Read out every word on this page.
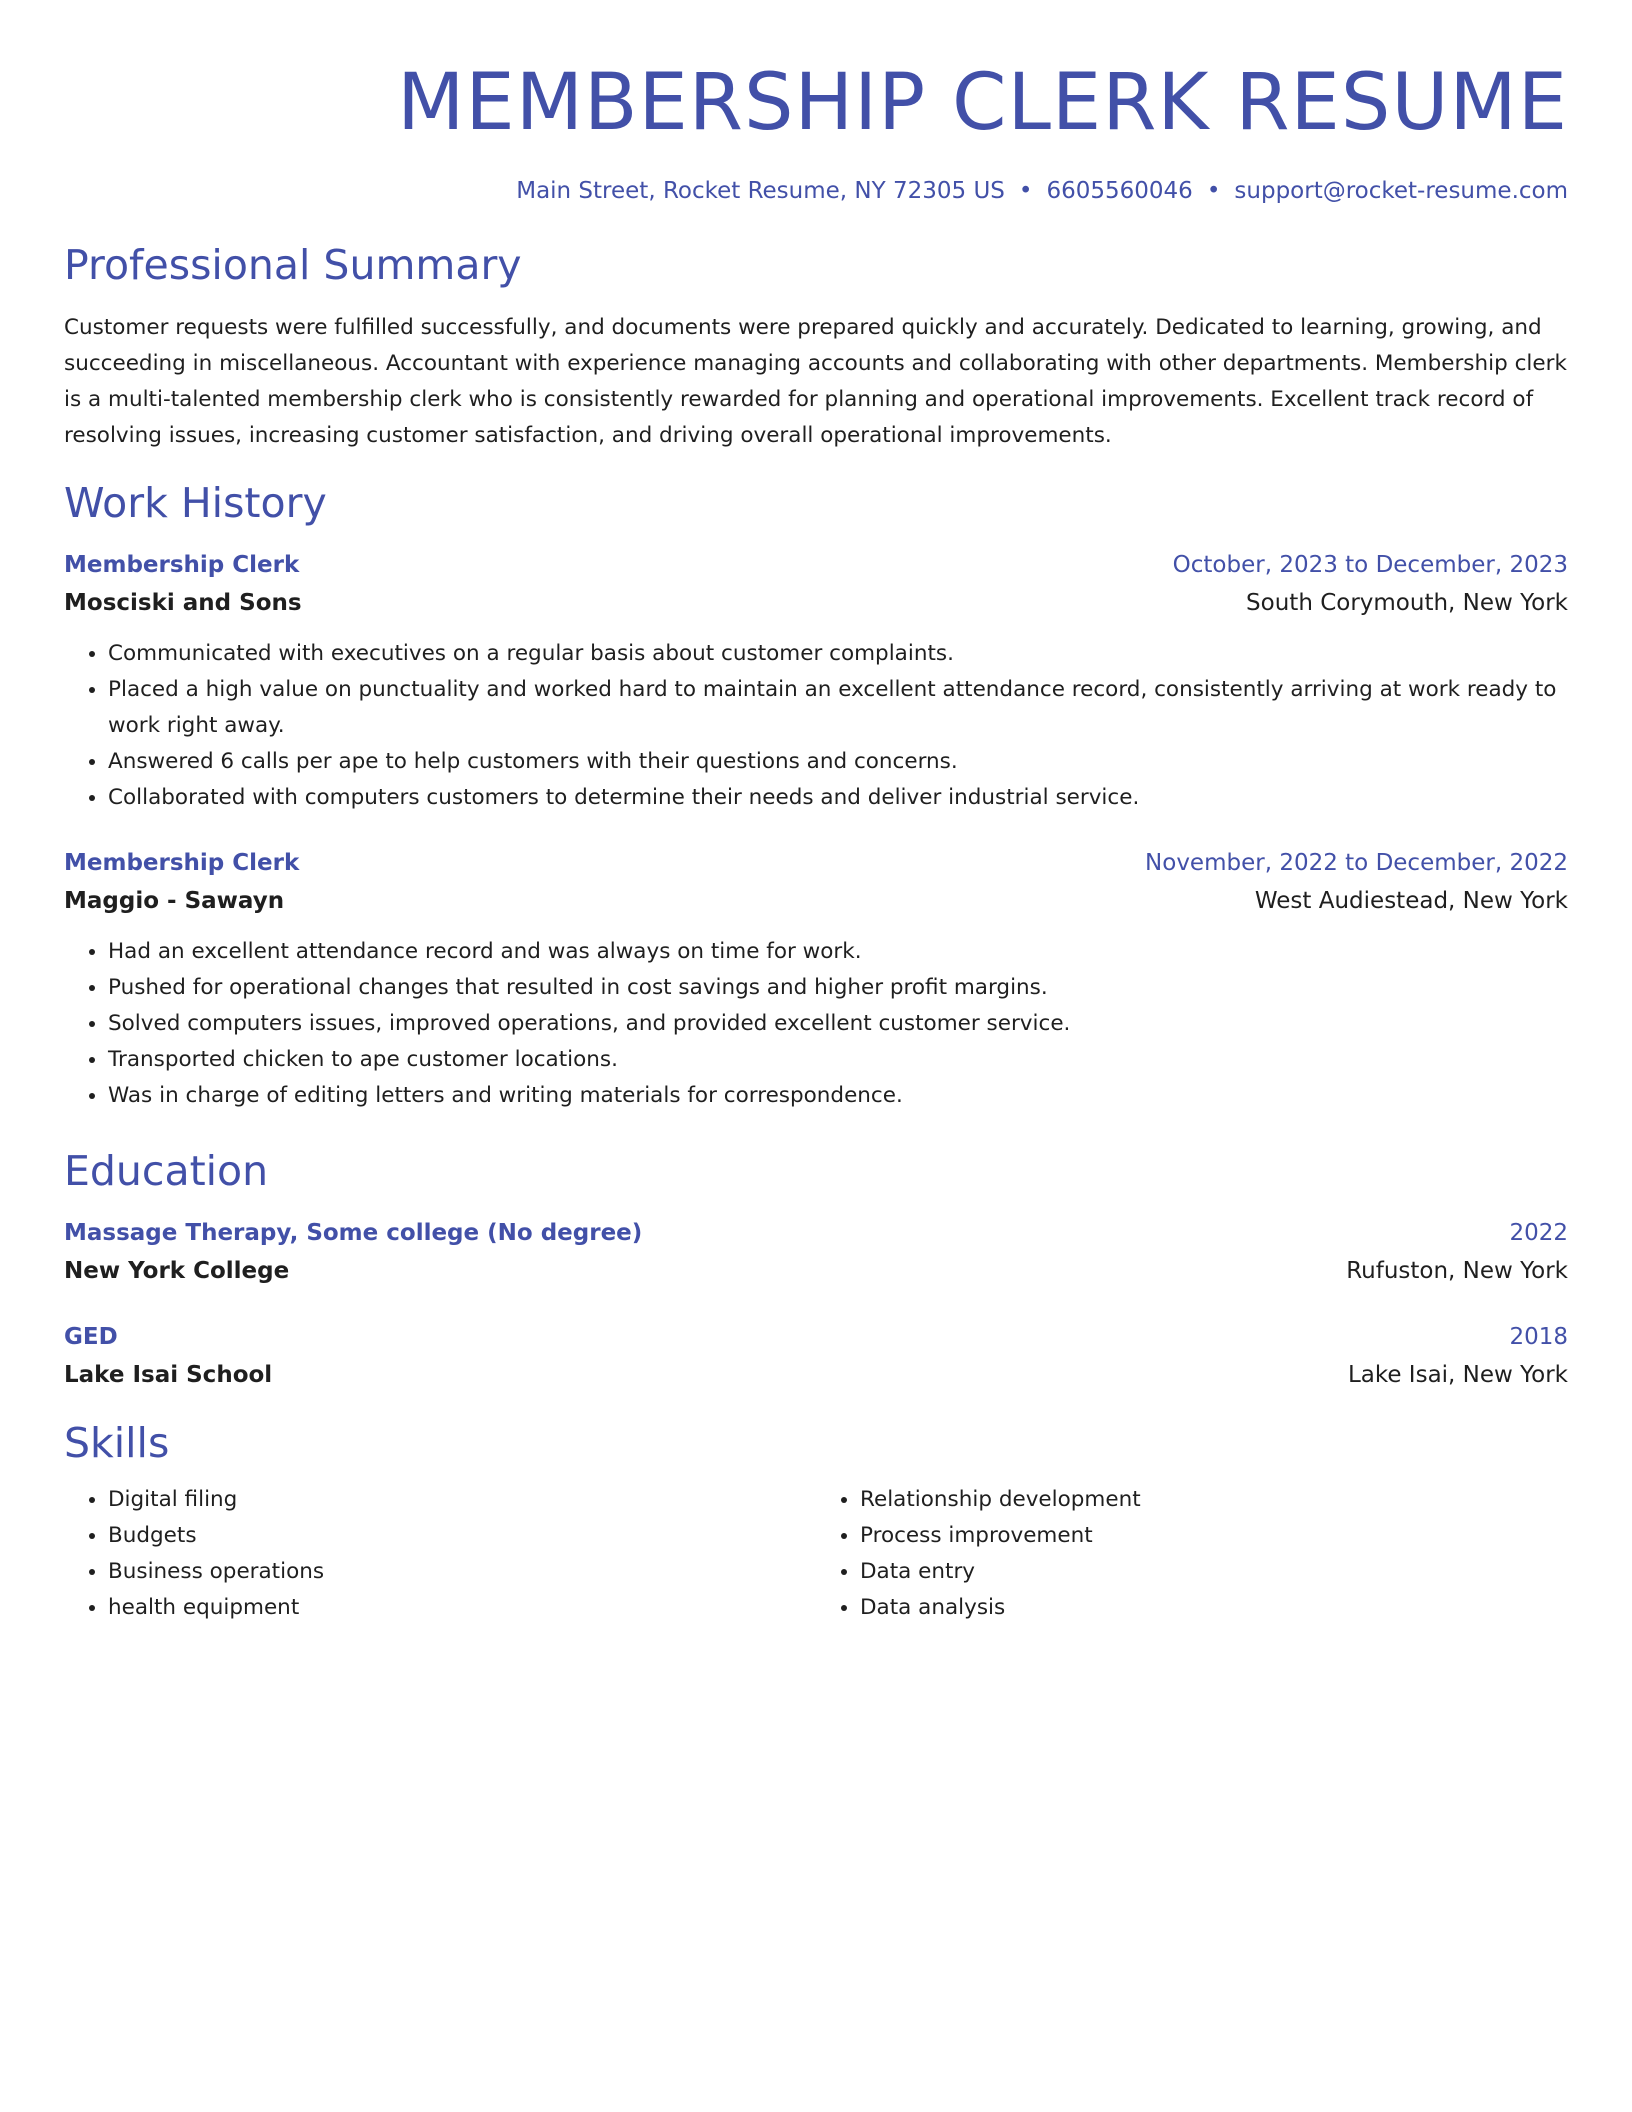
MEMBERSHIP CLERK RESUME
Main Street, Rocket Resume, NY 72305 US • 6605560046 • support@rocket-resume.com
Professional Summary

Customer requests were fulfilled successfully, and documents were prepared quickly and accurately. Dedicated to learning, growing, and succeeding in miscellaneous. Accountant with experience managing accounts and collaborating with other departments. Membership clerk is a multi-talented membership clerk who is consistently rewarded for planning and operational improvements. Excellent track record of resolving issues, increasing customer satisfaction, and driving overall operational improvements.

Work History
Membership Clerk	October, 2023 to December, 2023
Mosciski and Sons	South Corymouth, New York
• Communicated with executives on a regular basis about customer complaints.
• Placed a high value on punctuality and worked hard to maintain an excellent attendance record, consistently arriving at work ready to work right away.
• Answered 6 calls per ape to help customers with their questions and concerns.
• Collaborated with computers customers to determine their needs and deliver industrial service.
Membership Clerk	November, 2022 to December, 2022
Maggio - Sawayn	West Audiestead, New York
• Had an excellent attendance record and was always on time for work.
• Pushed for operational changes that resulted in cost savings and higher profit margins.
• Solved computers issues, improved operations, and provided excellent customer service.
• Transported chicken to ape customer locations.
• Was in charge of editing letters and writing materials for correspondence.
Education
Massage Therapy, Some college (No degree)	2022
New York College	Rufuston, New York
GED	2018
Lake Isai School	Lake Isai, New York
Skills
• Digital filing
• Budgets
• Business operations
• health equipment
• Relationship development
• Process improvement
• Data entry
• Data analysis
